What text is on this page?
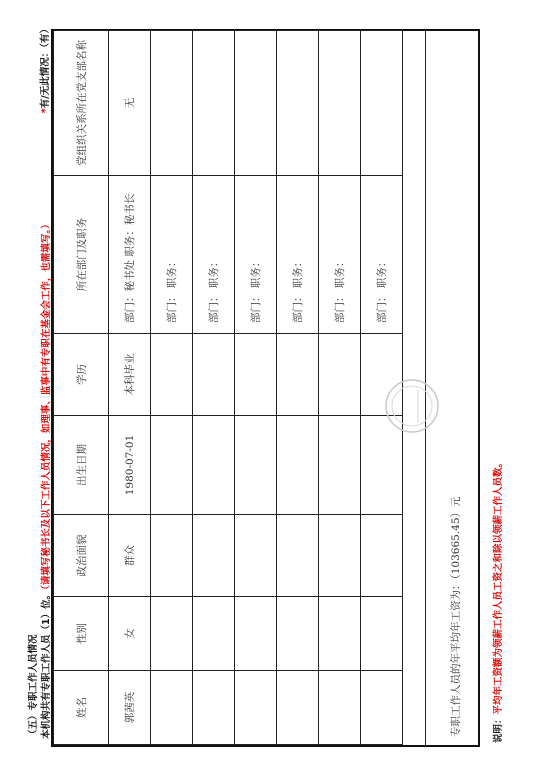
（五）专职工作人员情况 本机构共有专职工作人员（1）位。（请填写秘书长及以下工作人员情况，如理事、监事中有专职在基金会工作，也需填写。）
*有/无此情况：（有）
姓名	性别	政治面貌	出生日期	学历	所在部门及职务	党组织关系所在党支部名称
郭茜英	女	群众	1980-07-01	本科毕业	部门：秘书处 职务：秘书长	无
					部门： 职务：	
					部门： 职务：	
					部门： 职务：	
					部门： 职务：	
					部门： 职务：	
					部门： 职务：	
专职工作人员的年平均年工资为：（103665.45）元	说明：平均年工资额为领薪工作人员工资之和除以领薪工作人员数。
